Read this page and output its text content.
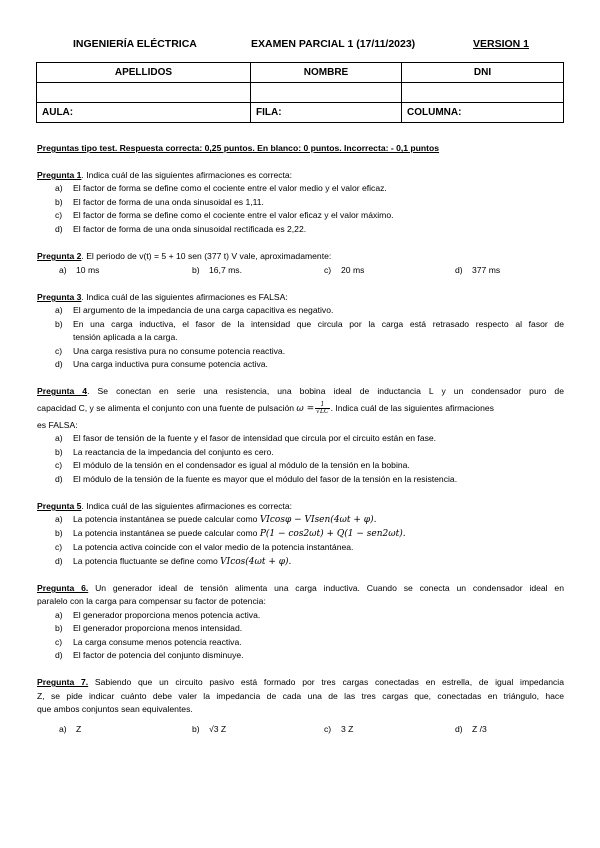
INGENIERÍA ELÉCTRICA	EXAMEN PARCIAL 1 (17/11/2023)	VERSION 1
APELLIDOS	NOMBRE	DNI

AULA:	FILA:	COLUMNA:
Preguntas tipo test. Respuesta correcta: 0,25 puntos. En blanco: 0 puntos. Incorrecta: - 0,1 puntos
Pregunta 1. Indica cuál de las siguientes afirmaciones es correcta:
a) El factor de forma se define como el cociente entre el valor medio y el valor eficaz.
b) El factor de forma de una onda sinusoidal es 1,11.
c) El factor de forma se define como el cociente entre el valor eficaz y el valor máximo.
d) El factor de forma de una onda sinusoidal rectificada es 2,22.
Pregunta 2. El periodo de v(t) = 5 + 10 sen (377 t) V vale, aproximadamente:
a) 10 ms	b) 16,7 ms.	c) 20 ms	d) 377 ms
Pregunta 3. Indica cuál de las siguientes afirmaciones es FALSA:
a) El argumento de la impedancia de una carga capacitiva es negativo.
b) En una carga inductiva, el fasor de la intensidad que circula por la carga está retrasado respecto al fasor de
tensión aplicada a la carga.
c) Una carga resistiva pura no consume potencia reactiva.
d) Una carga inductiva pura consume potencia activa.
Pregunta 4. Se conectan en serie una resistencia, una bobina ideal de inductancia L y un condensador puro de
capacidad C, y se alimenta el conjunto con una fuente de pulsación $\omega = \frac{1}{√LC}$ . Indica cuál de las siguientes afirmaciones
es FALSA:
a) El fasor de tensión de la fuente y el fasor de intensidad que circula por el circuito están en fase.
b) La reactancia de la impedancia del conjunto es cero.
c) El módulo de la tensión en el condensador es igual al módulo de la tensión en la bobina.
d) El módulo de la tensión de la fuente es mayor que el módulo del fasor de la tensión en la resistencia.
Pregunta 5. Indica cuál de las siguientes afirmaciones es correcta:
a) La potencia instantánea se puede calcular como VIcosφ − VIsen(4ωt + φ).
b) La potencia instantánea se puede calcular como P(1 − cos2ωt) + Q(1 − sen2ωt).
c) La potencia activa coincide con el valor medio de la potencia instantánea.
d) La potencia fluctuante se define como VIcos(4ωt + φ).
Pregunta 6. Un generador ideal de tensión alimenta una carga inductiva. Cuando se conecta un condensador ideal en
paralelo con la carga para compensar su factor de potencia:
a) El generador proporciona menos potencia activa.
b) El generador proporciona menos intensidad.
c) La carga consume menos potencia reactiva.
d) El factor de potencia del conjunto disminuye.
Pregunta 7. Sabiendo que un circuito pasivo está formado por tres cargas conectadas en estrella, de igual impedancia
Z, se pide indicar cuánto debe valer la impedancia de cada una de las tres cargas que, conectadas en triángulo, hace
que ambos conjuntos sean equivalentes.
a) Z	b) √3 Z	c) 3 Z	d) Z /3
